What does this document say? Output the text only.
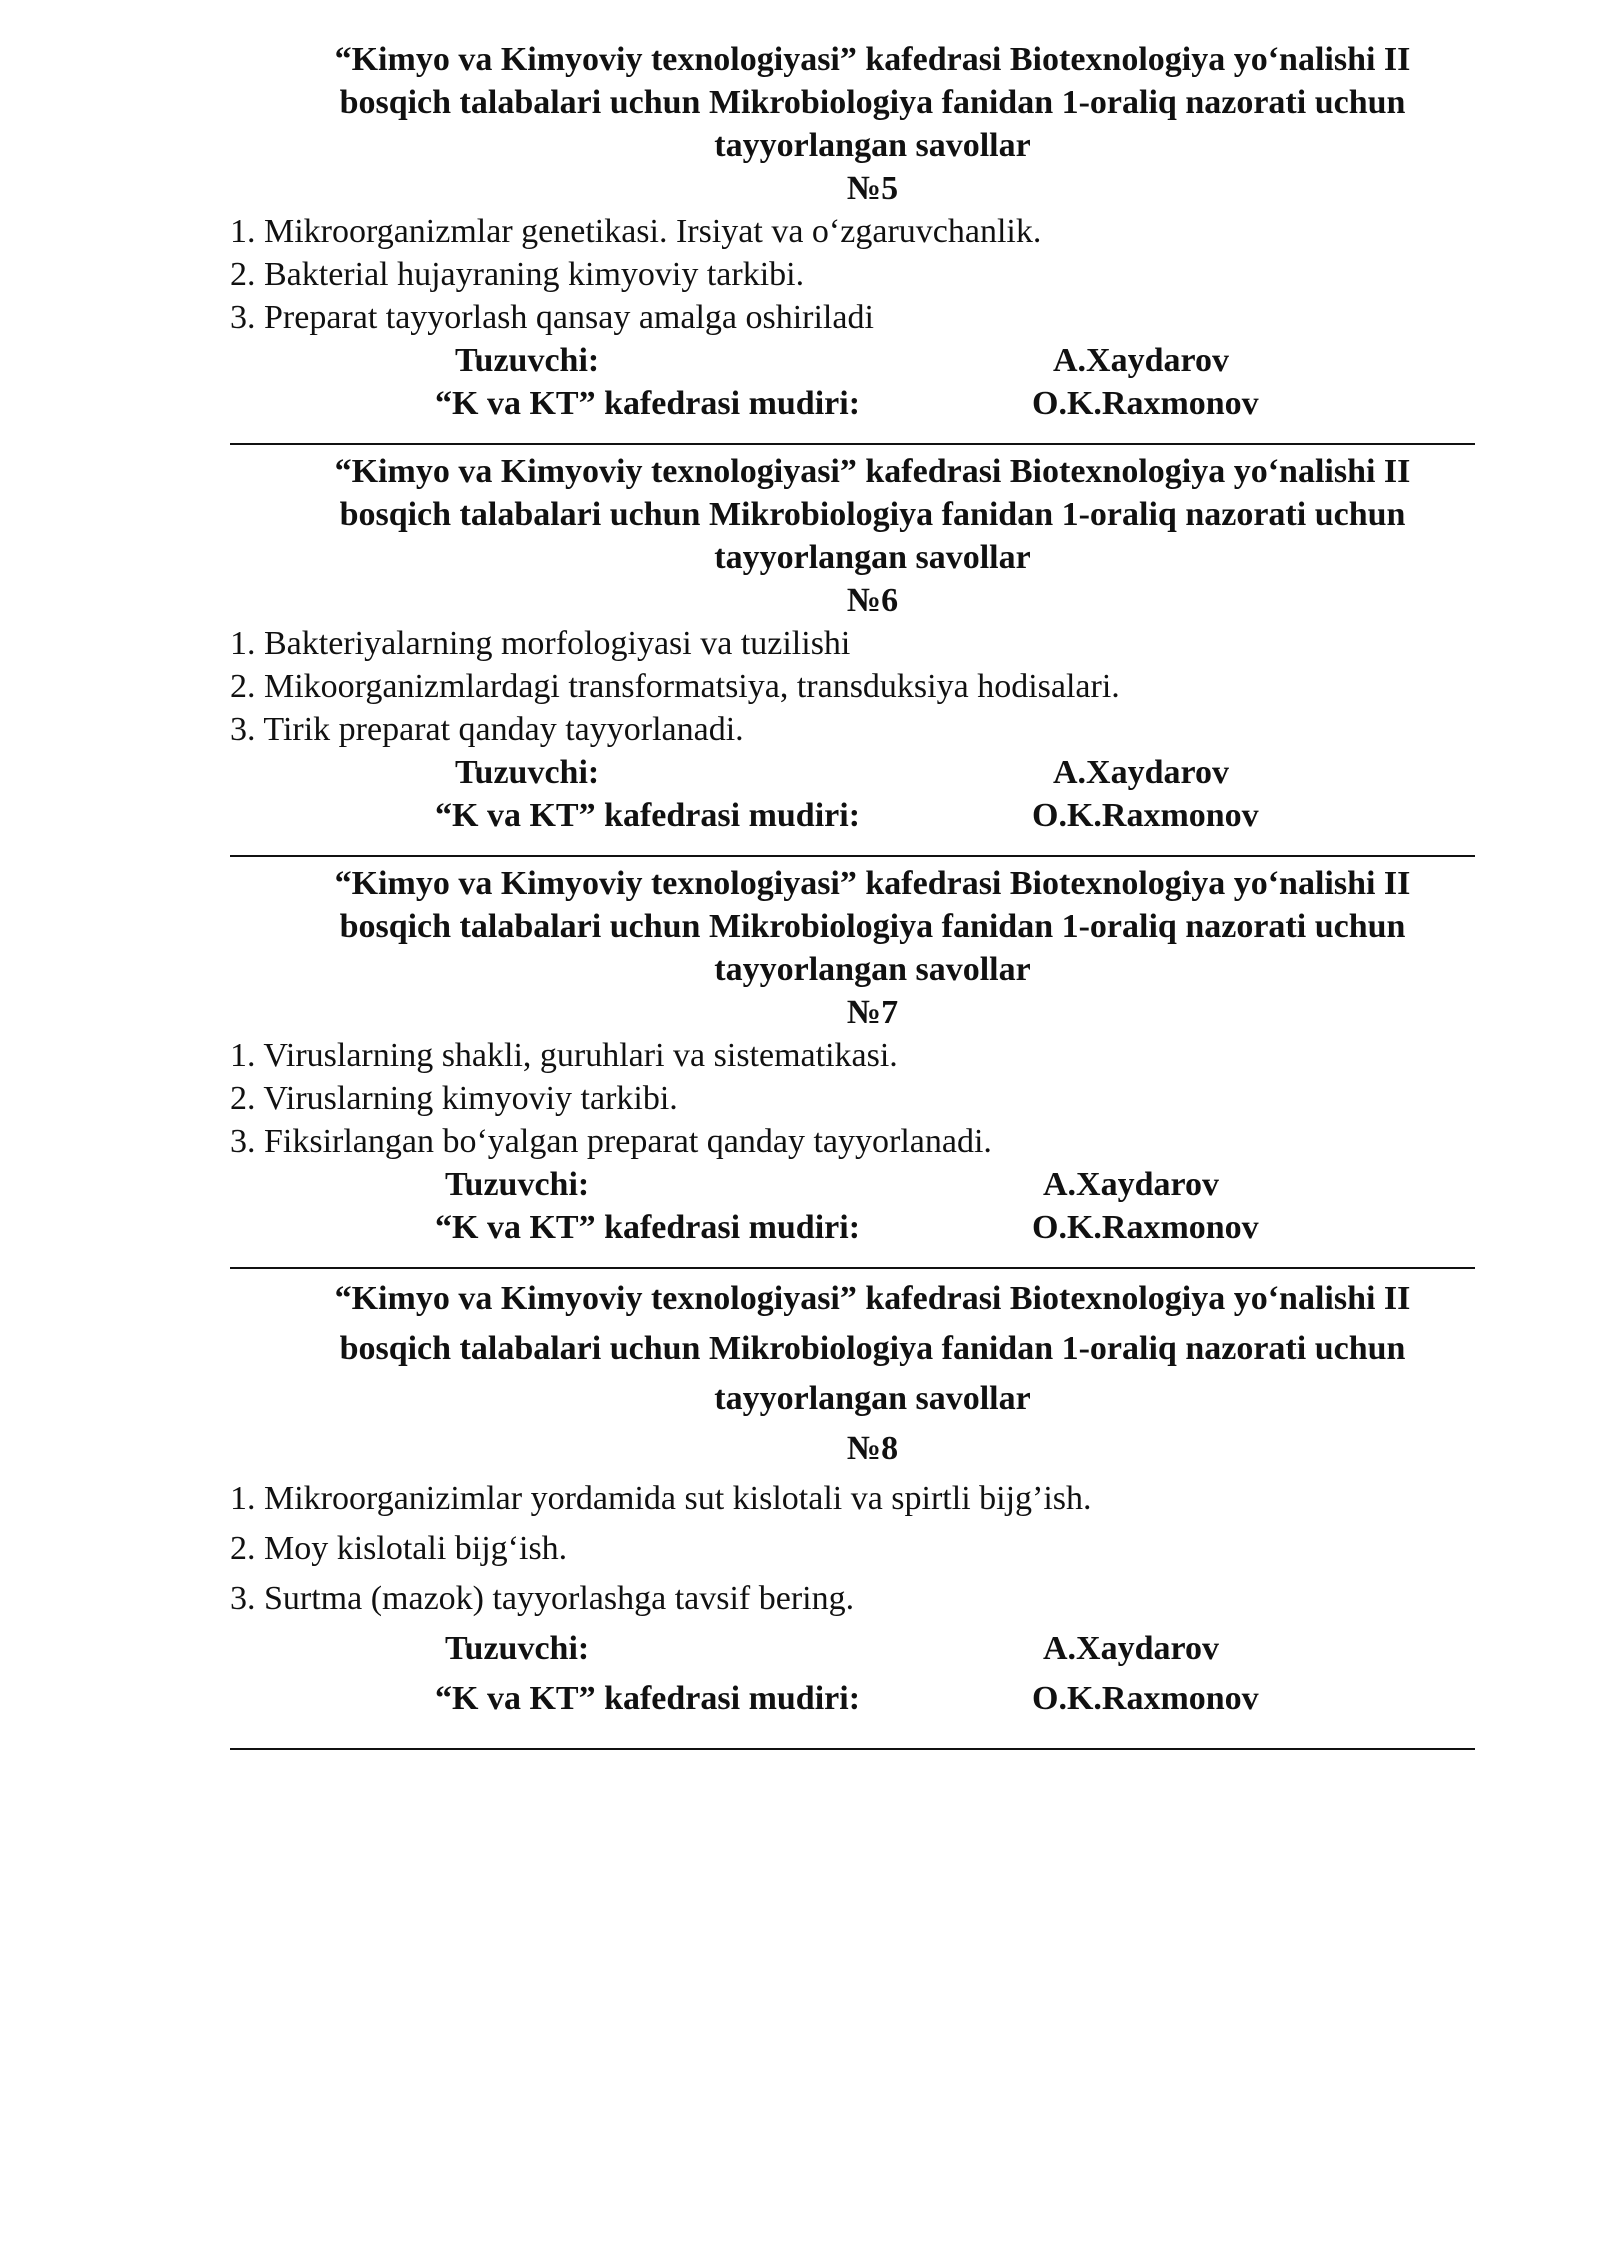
“Kimyo va Kimyoviy texnologiyasi” kafedrasi Biotexnologiya yo‘nalishi II
bosqich talabalari uchun Mikrobiologiya fanidan 1-oraliq nazorati uchun
tayyorlangan savollar
№5
1. Mikroorganizmlar genetikasi. Irsiyat va o‘zgaruvchanlik.
2. Bakterial hujayraning kimyoviy tarkibi.
3. Preparat tayyorlash qansay amalga oshiriladi
Tuzuvchi:	A.Xaydarov
“K va KT” kafedrasi mudiri:	O.K.Raxmonov
“Kimyo va Kimyoviy texnologiyasi” kafedrasi Biotexnologiya yo‘nalishi II
bosqich talabalari uchun Mikrobiologiya fanidan 1-oraliq nazorati uchun
tayyorlangan savollar
№6
1. Bakteriyalarning morfologiyasi va tuzilishi
2. Mikoorganizmlardagi transformatsiya, transduksiya hodisalari.
3. Tirik preparat qanday tayyorlanadi.
Tuzuvchi:	A.Xaydarov
“K va KT” kafedrasi mudiri:	O.K.Raxmonov
“Kimyo va Kimyoviy texnologiyasi” kafedrasi Biotexnologiya yo‘nalishi II
bosqich talabalari uchun Mikrobiologiya fanidan 1-oraliq nazorati uchun
tayyorlangan savollar
№7
1. Viruslarning shakli, guruhlari va sistematikasi.
2. Viruslarning kimyoviy tarkibi.
3. Fiksirlangan bo‘yalgan preparat qanday tayyorlanadi.
Tuzuvchi:	A.Xaydarov
“K va KT” kafedrasi mudiri:	O.K.Raxmonov
“Kimyo va Kimyoviy texnologiyasi” kafedrasi Biotexnologiya yo‘nalishi II
bosqich talabalari uchun Mikrobiologiya fanidan 1-oraliq nazorati uchun
tayyorlangan savollar
№8
1. Mikroorganizimlar yordamida sut kislotali va spirtli bijg’ish.
2. Moy kislotali bijg‘ish.
3. Surtma (mazok) tayyorlashga tavsif bering.
Tuzuvchi:	A.Xaydarov
“K va KT” kafedrasi mudiri:	O.K.Raxmonov
